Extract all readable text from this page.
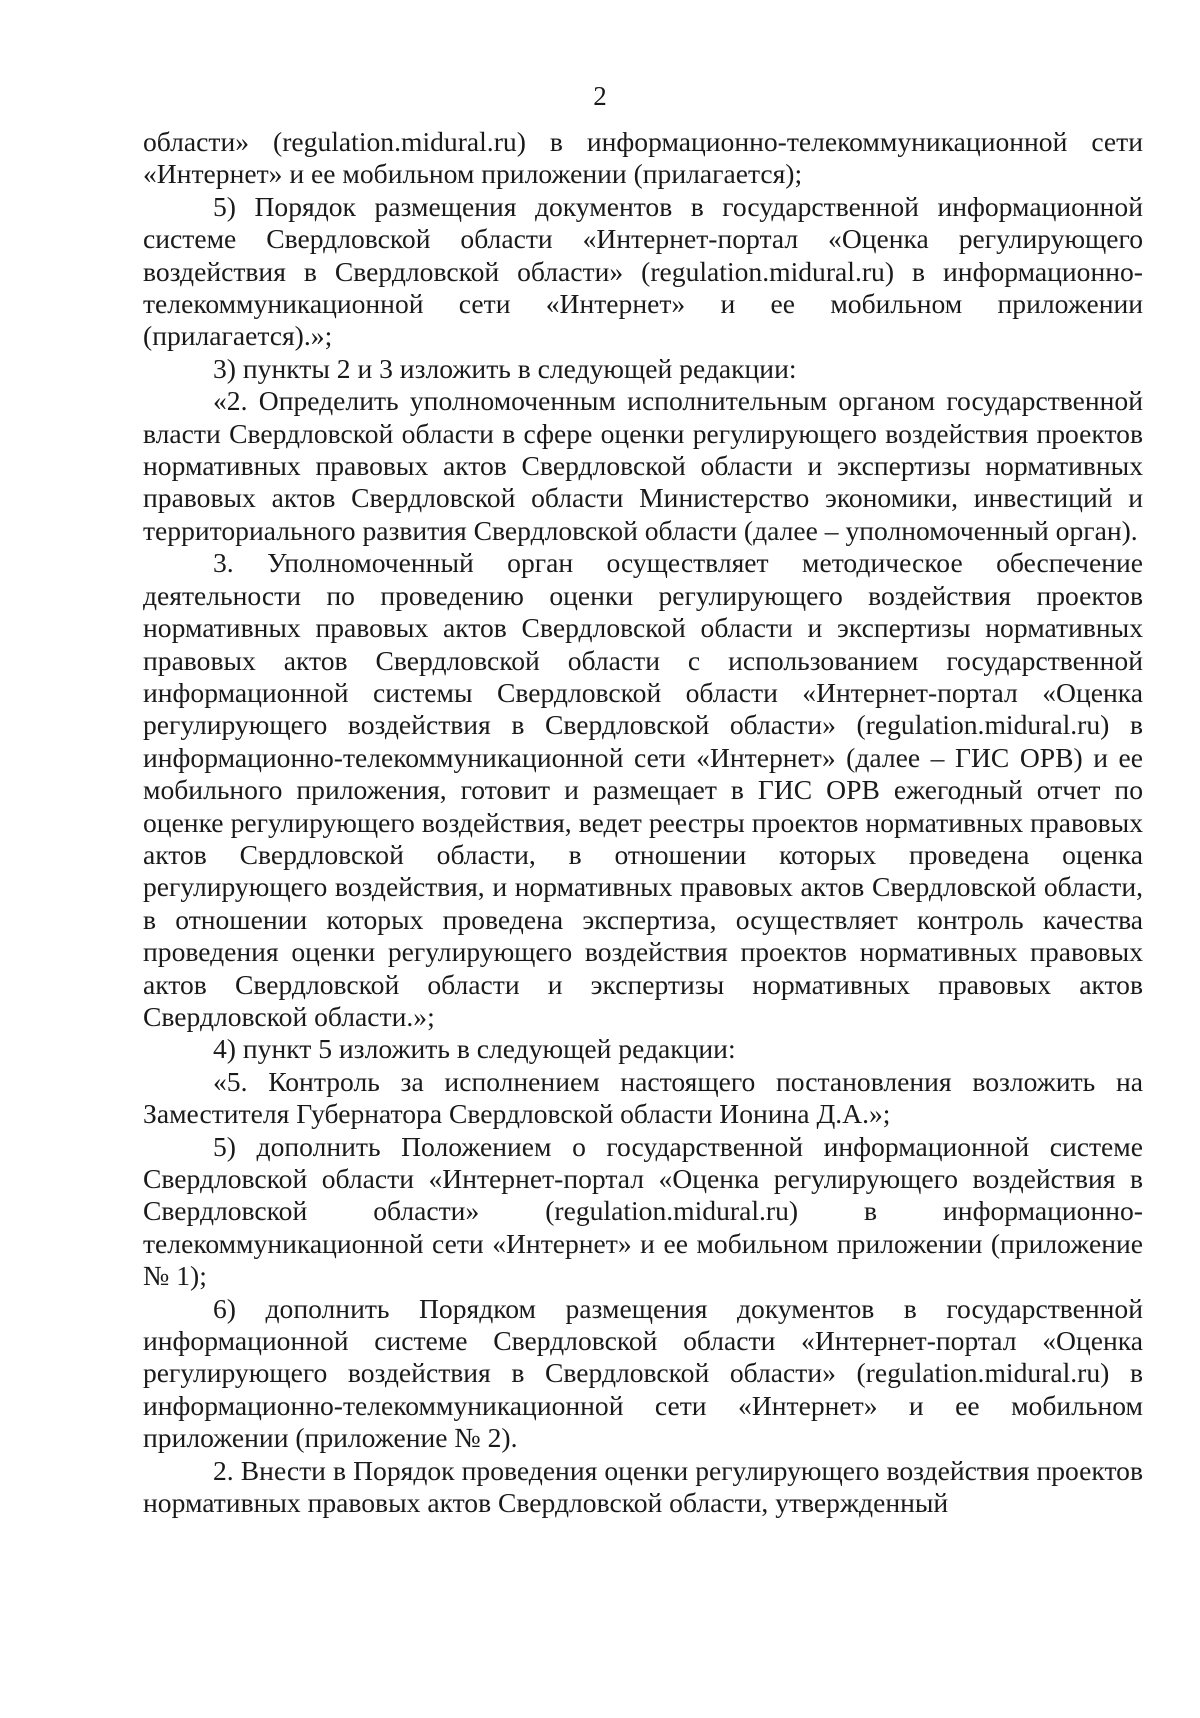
2

области» (regulation.midural.ru) в информационно-телекоммуникационной сети «Интернет» и ее мобильном приложении (прилагается);

5) Порядок размещения документов в государственной информационной системе Свердловской области «Интернет-портал «Оценка регулирующего воздействия в Свердловской области» (regulation.midural.ru) в информационно-телекоммуникационной сети «Интернет» и ее мобильном приложении (прилагается).»;

3) пункты 2 и 3 изложить в следующей редакции:

«2. Определить уполномоченным исполнительным органом государственной власти Свердловской области в сфере оценки регулирующего воздействия проектов нормативных правовых актов Свердловской области и экспертизы нормативных правовых актов Свердловской области Министерство экономики, инвестиций и территориального развития Свердловской области (далее – уполномоченный орган).

3. Уполномоченный орган осуществляет методическое обеспечение деятельности по проведению оценки регулирующего воздействия проектов нормативных правовых актов Свердловской области и экспертизы нормативных правовых актов Свердловской области с использованием государственной информационной системы Свердловской области «Интернет-портал «Оценка регулирующего воздействия в Свердловской области» (regulation.midural.ru) в информационно-телекоммуникационной сети «Интернет» (далее – ГИС ОРВ) и ее мобильного приложения, готовит и размещает в ГИС ОРВ ежегодный отчет по оценке регулирующего воздействия, ведет реестры проектов нормативных правовых актов Свердловской области, в отношении которых проведена оценка регулирующего воздействия, и нормативных правовых актов Свердловской области, в отношении которых проведена экспертиза, осуществляет контроль качества проведения оценки регулирующего воздействия проектов нормативных правовых актов Свердловской области и экспертизы нормативных правовых актов Свердловской области.»;

4) пункт 5 изложить в следующей редакции:

«5. Контроль за исполнением настоящего постановления возложить на Заместителя Губернатора Свердловской области Ионина Д.А.»;

5) дополнить Положением о государственной информационной системе Свердловской области «Интернет-портал «Оценка регулирующего воздействия в Свердловской области» (regulation.midural.ru) в информационно-телекоммуникационной сети «Интернет» и ее мобильном приложении (приложение № 1);

6) дополнить Порядком размещения документов в государственной информационной системе Свердловской области «Интернет-портал «Оценка регулирующего воздействия в Свердловской области» (regulation.midural.ru) в информационно-телекоммуникационной сети «Интернет» и ее мобильном приложении (приложение № 2).

2. Внести в Порядок проведения оценки регулирующего воздействия проектов нормативных правовых актов Свердловской области, утвержденный
